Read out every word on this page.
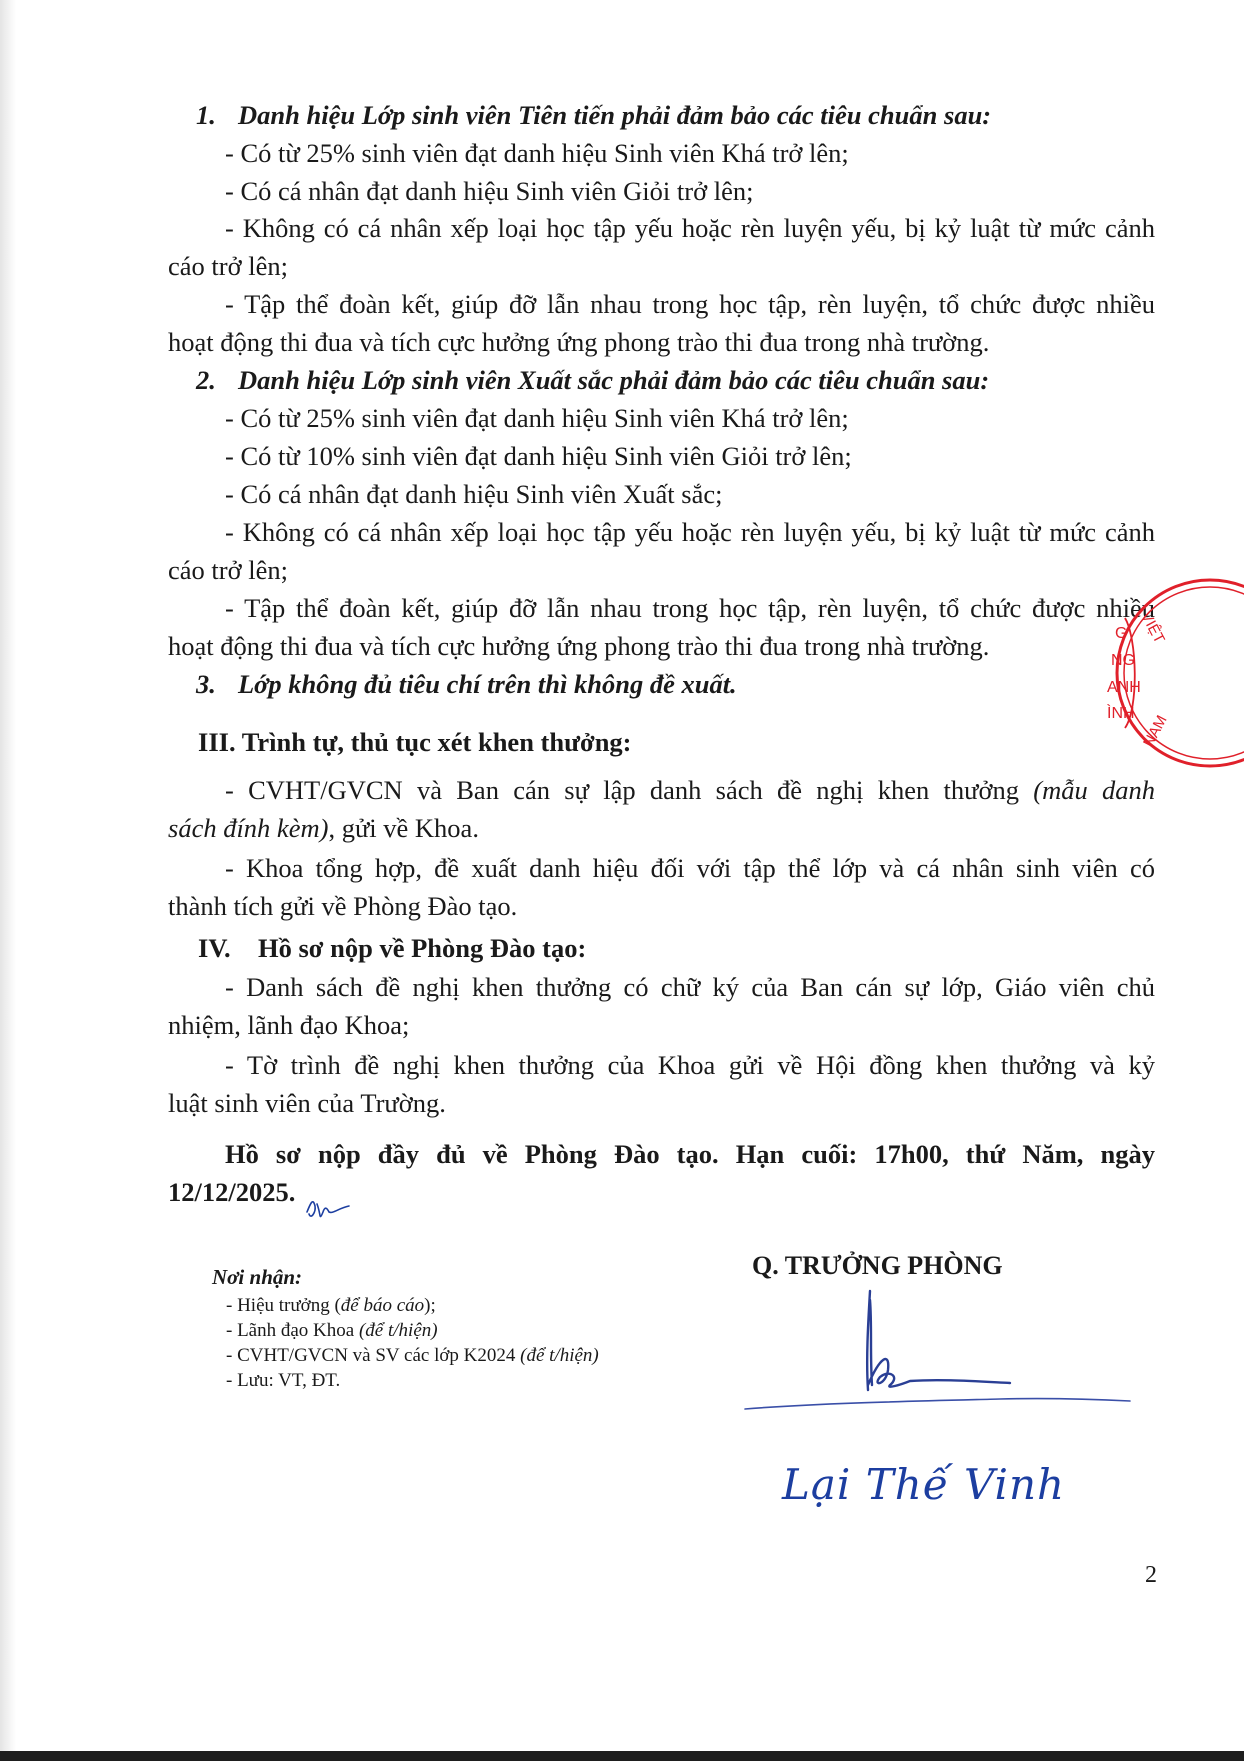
1. Danh hiệu Lớp sinh viên Tiên tiến phải đảm bảo các tiêu chuẩn sau:
- Có từ 25% sinh viên đạt danh hiệu Sinh viên Khá trở lên;
- Có cá nhân đạt danh hiệu Sinh viên Giỏi trở lên;
- Không có cá nhân xếp loại học tập yếu hoặc rèn luyện yếu, bị kỷ luật từ mức cảnh
cáo trở lên;
- Tập thể đoàn kết, giúp đỡ lẫn nhau trong học tập, rèn luyện, tổ chức được nhiều
hoạt động thi đua và tích cực hưởng ứng phong trào thi đua trong nhà trường.
2. Danh hiệu Lớp sinh viên Xuất sắc phải đảm bảo các tiêu chuẩn sau:
- Có từ 25% sinh viên đạt danh hiệu Sinh viên Khá trở lên;
- Có từ 10% sinh viên đạt danh hiệu Sinh viên Giỏi trở lên;
- Có cá nhân đạt danh hiệu Sinh viên Xuất sắc;
- Không có cá nhân xếp loại học tập yếu hoặc rèn luyện yếu, bị kỷ luật từ mức cảnh
cáo trở lên;
- Tập thể đoàn kết, giúp đỡ lẫn nhau trong học tập, rèn luyện, tổ chức được nhiều
hoạt động thi đua và tích cực hưởng ứng phong trào thi đua trong nhà trường.
3. Lớp không đủ tiêu chí trên thì không đề xuất.
III. Trình tự, thủ tục xét khen thưởng:
- CVHT/GVCN và Ban cán sự lập danh sách đề nghị khen thưởng (mẫu danh
sách đính kèm), gửi về Khoa.
- Khoa tổng hợp, đề xuất danh hiệu đối với tập thể lớp và cá nhân sinh viên có
thành tích gửi về Phòng Đào tạo.
IV. Hồ sơ nộp về Phòng Đào tạo:
- Danh sách đề nghị khen thưởng có chữ ký của Ban cán sự lớp, Giáo viên chủ
nhiệm, lãnh đạo Khoa;
- Tờ trình đề nghị khen thưởng của Khoa gửi về Hội đồng khen thưởng và kỷ
luật sinh viên của Trường.
Hồ sơ nộp đầy đủ về Phòng Đào tạo. Hạn cuối: 17h00, thứ Năm, ngày
12/12/2025.
Nơi nhận:
- Hiệu trưởng (để báo cáo);
- Lãnh đạo Khoa (để t/hiện)
- CVHT/GVCN và SV các lớp K2024 (để t/hiện)
- Lưu: VT, ĐT.
Q. TRƯỞNG PHÒNG
Lại Thế Vinh
G
NG
ANH
ÌNH
VIỆT
NAM
2
